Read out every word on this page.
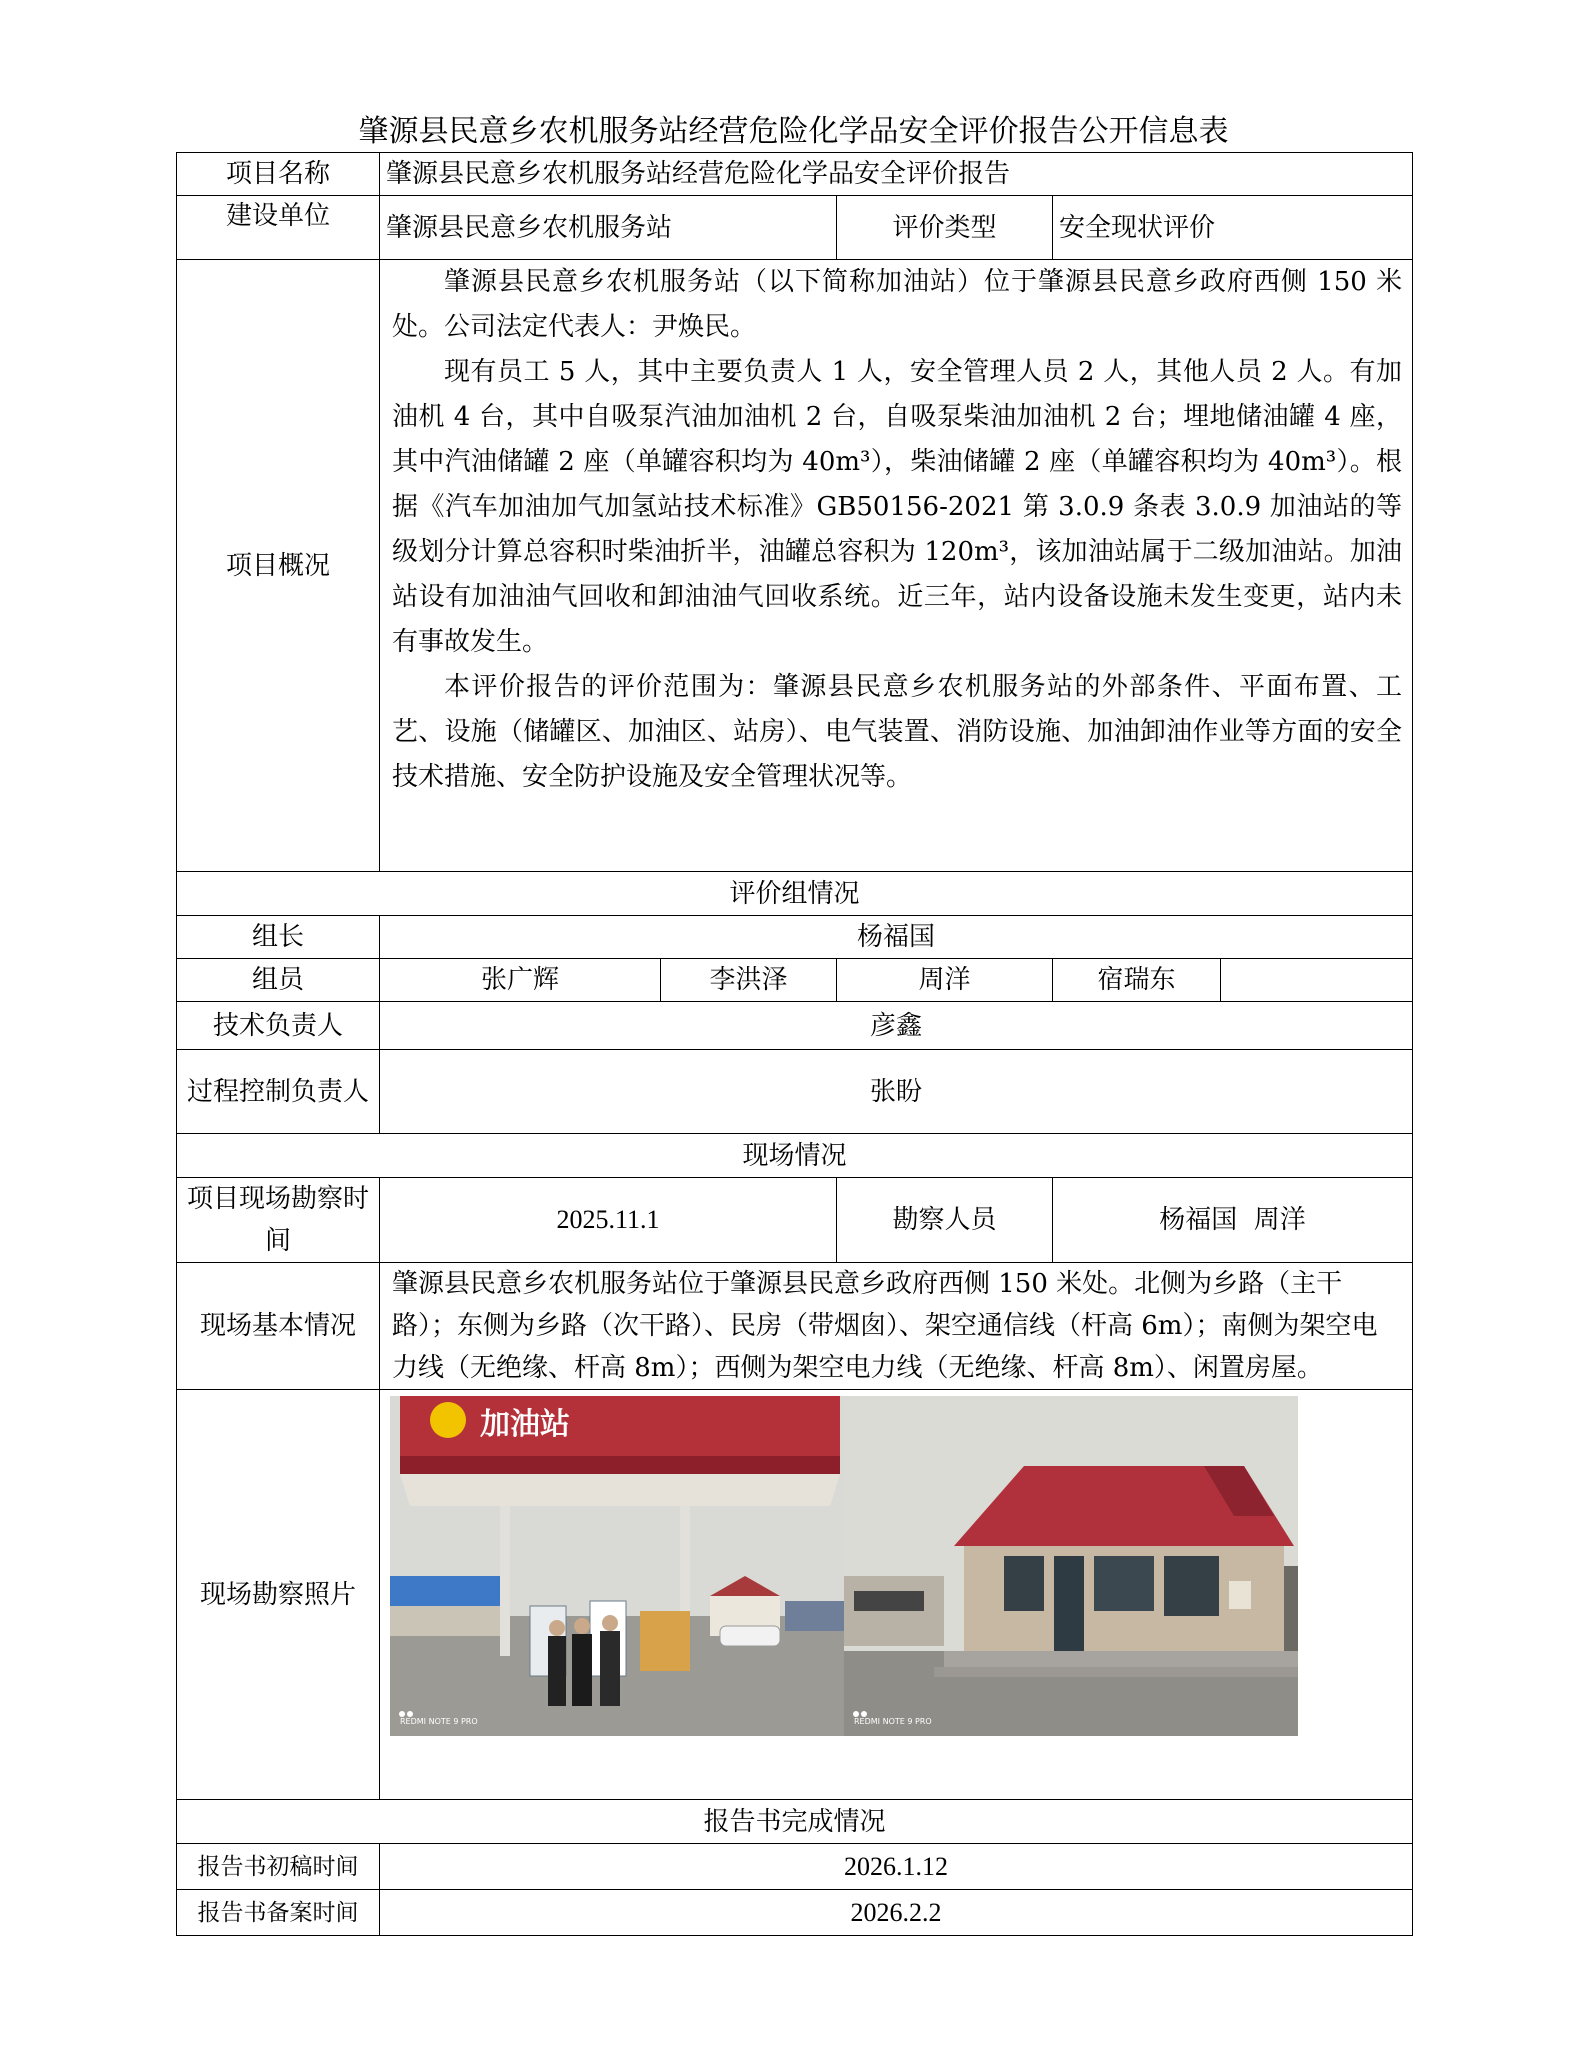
肇源县民意乡农机服务站经营危险化学品安全评价报告公开信息表
项目名称	肇源县民意乡农机服务站经营危险化学品安全评价报告				
建设单位	肇源县民意乡农机服务站		评价类型	安全现状评价	
项目概况	肇源县民意乡农机服务站（以下简称加油站）位于肇源县民意乡政府西侧 150 米处。公司法定代表人：尹焕民。

现有员工 5 人，其中主要负责人 1 人，安全管理人员 2 人，其他人员 2 人。有加油机 4 台，其中自吸泵汽油加油机 2 台，自吸泵柴油加油机 2 台；埋地储油罐 4 座，其中汽油储罐 2 座（单罐容积均为 40m³），柴油储罐 2 座（单罐容积均为 40m³）。根据《汽车加油加气加氢站技术标准》GB50156-2021 第 3.0.9 条表 3.0.9 加油站的等级划分计算总容积时柴油折半，油罐总容积为 120m³，该加油站属于二级加油站。加油站设有加油油气回收和卸油油气回收系统。近三年，站内设备设施未发生变更，站内未有事故发生。

本评价报告的评价范围为：肇源县民意乡农机服务站的外部条件、平面布置、工艺、设施（储罐区、加油区、站房）、电气装置、消防设施、加油卸油作业等方面的安全技术措施、安全防护设施及安全管理状况等。				

评价组情况					
组长	杨福国				
组员	张广辉	李洪泽	周洋	宿瑞东	
技术负责人	彦鑫				
过程控制负责人	张盼				
现场情况					
项目现场勘察时间	2025.11.1		勘察人员	杨福国  周洋	
现场基本情况	肇源县民意乡农机服务站位于肇源县民意乡政府西侧 150 米处。北侧为乡路（主干路）；东侧为乡路（次干路）、民房（带烟囱）、架空通信线（杆高 6m）；南侧为架空电力线（无绝缘、杆高 8m）；西侧为架空电力线（无绝缘、杆高 8m）、闲置房屋。				
现场勘察照片	加油站
REDMI NOTE 9 PRO REDMI NOTE 9 PRO				

报告书完成情况					
报告书初稿时间	2026.1.12				
报告书备案时间	2026.2.2				
